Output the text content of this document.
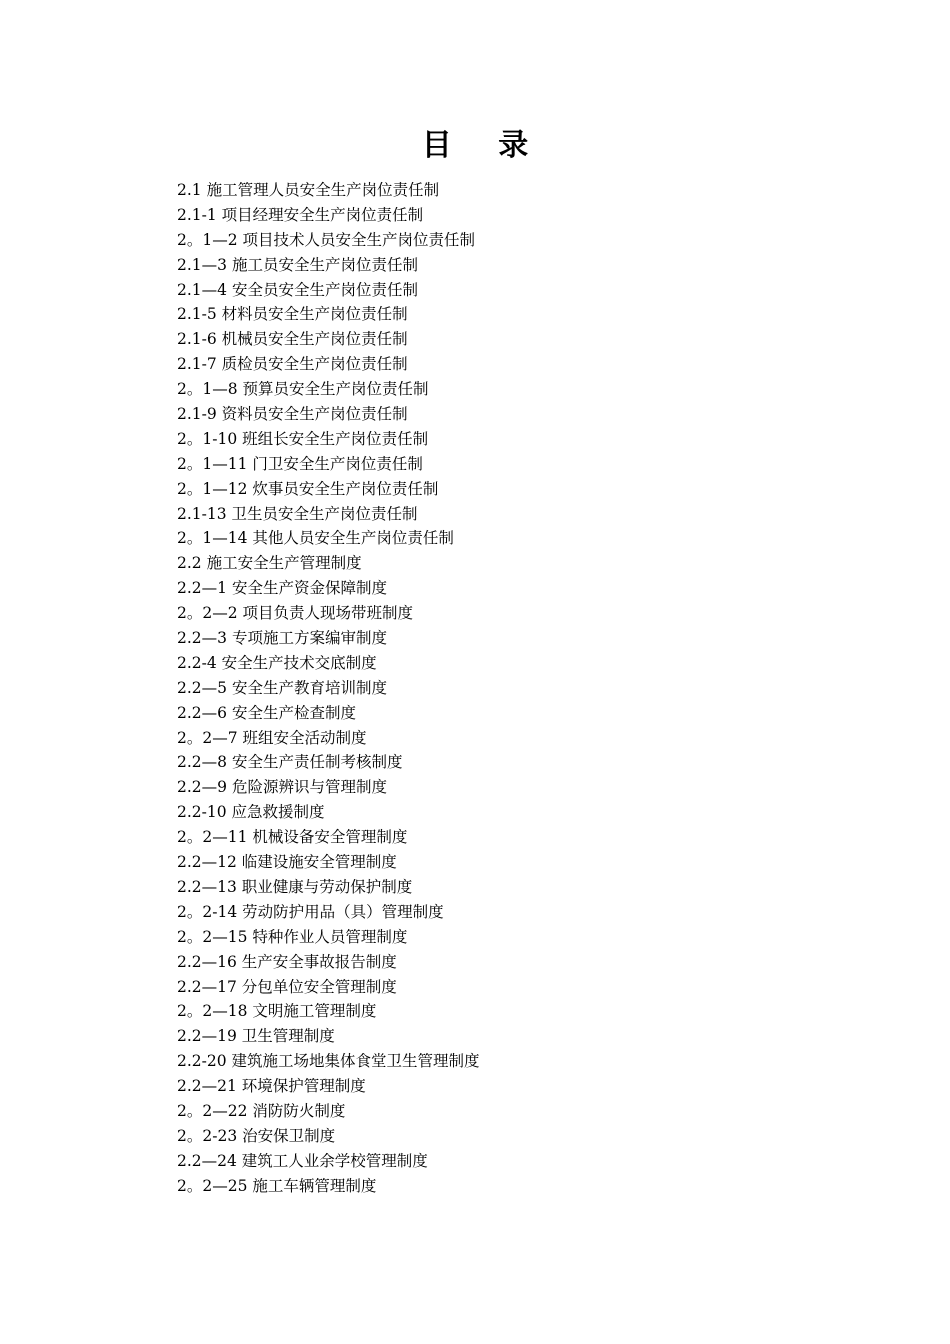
目 录
2.1 施工管理人员安全生产岗位责任制
2.1-1 项目经理安全生产岗位责任制
2。1—2 项目技术人员安全生产岗位责任制
2.1—3 施工员安全生产岗位责任制
2.1—4 安全员安全生产岗位责任制
2.1-5 材料员安全生产岗位责任制
2.1-6 机械员安全生产岗位责任制
2.1-7 质检员安全生产岗位责任制
2。1—8 预算员安全生产岗位责任制
2.1-9 资料员安全生产岗位责任制
2。1-10 班组长安全生产岗位责任制
2。1—11 门卫安全生产岗位责任制
2。1—12 炊事员安全生产岗位责任制
2.1-13 卫生员安全生产岗位责任制
2。1—14 其他人员安全生产岗位责任制
2.2 施工安全生产管理制度
2.2—1 安全生产资金保障制度
2。2—2 项目负责人现场带班制度
2.2—3 专项施工方案编审制度
2.2-4 安全生产技术交底制度
2.2—5 安全生产教育培训制度
2.2—6 安全生产检查制度
2。2—7 班组安全活动制度
2.2—8 安全生产责任制考核制度
2.2—9 危险源辨识与管理制度
2.2-10 应急救援制度
2。2—11 机械设备安全管理制度
2.2—12 临建设施安全管理制度
2.2—13 职业健康与劳动保护制度
2。2-14 劳动防护用品（具）管理制度
2。2—15 特种作业人员管理制度
2.2—16 生产安全事故报告制度
2.2—17 分包单位安全管理制度
2。2—18 文明施工管理制度
2.2—19 卫生管理制度
2.2-20 建筑施工场地集体食堂卫生管理制度
2.2—21 环境保护管理制度
2。2—22 消防防火制度
2。2-23 治安保卫制度
2.2—24 建筑工人业余学校管理制度
2。2—25 施工车辆管理制度
